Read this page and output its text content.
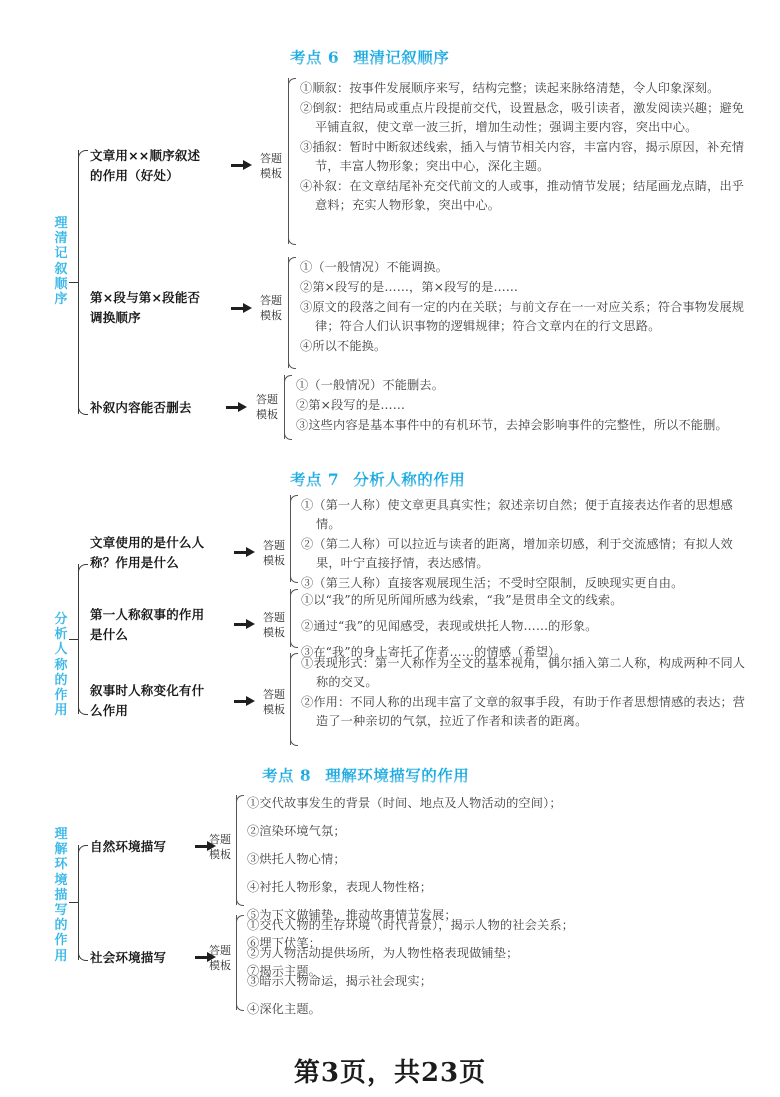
考点 6 理清记叙顺序
理
清
记
叙
顺
序
文章用××顺序叙述
的作用（好处）
答题
模板
①顺叙：按事件发展顺序来写，结构完整；读起来脉络清楚，令人印象深刻。
②倒叙：把结局或重点片段提前交代，设置悬念，吸引读者，激发阅读兴趣；避免平铺直叙，使文章一波三折，增加生动性；强调主要内容，突出中心。
③插叙：暂时中断叙述线索，插入与情节相关内容，丰富内容，揭示原因，补充情节，丰富人物形象；突出中心，深化主题。
④补叙：在文章结尾补充交代前文的人或事，推动情节发展；结尾画龙点睛，出乎意料；充实人物形象，突出中心。
第×段与第×段能否
调换顺序
答题
模板
①（一般情况）不能调换。
②第×段写的是……，第×段写的是……
③原文的段落之间有一定的内在关联；与前文存在一一对应关系；符合事物发展规律；符合人们认识事物的逻辑规律；符合文章内在的行文思路。
④所以不能换。
补叙内容能否删去
答题
模板
①（一般情况）不能删去。
②第×段写的是……
③这些内容是基本事件中的有机环节，去掉会影响事件的完整性，所以不能删。
考点 7 分析人称的作用
分
析
人
称
的
作
用
文章使用的是什么人
称？作用是什么
答题
模板
①（第一人称）使文章更具真实性；叙述亲切自然；便于直接表达作者的思想感情。
②（第二人称）可以拉近与读者的距离，增加亲切感，利于交流感情；有拟人效果，叶宁直接抒情，表达感情。
③（第三人称）直接客观展现生活；不受时空限制，反映现实更自由。
第一人称叙事的作用
是什么
答题
模板
①以“我”的所见所闻所感为线索，“我”是贯串全文的线索。
②通过“我”的见闻感受，表现或烘托人物……的形象。
③在“我”的身上寄托了作者……的情感（希望）。
叙事时人称变化有什
么作用
答题
模板
①表现形式：第一人称作为全文的基本视角，偶尔插入第二人称，构成两种不同人称的交叉。
②作用：不同人称的出现丰富了文章的叙事手段，有助于作者思想情感的表达；营造了一种亲切的气氛，拉近了作者和读者的距离。
考点 8 理解环境描写的作用
理
解
环
境
描
写
的
作
用
自然环境描写	答题
模板
①交代故事发生的背景（时间、地点及人物活动的空间）；
②渲染环境气氛；
③烘托人物心情；
④衬托人物形象，表现人物性格；
⑤为下文做铺垫，推动故事情节发展；
⑥埋下伏笔；
⑦揭示主题。
社会环境描写	答题
模板
①交代人物的生存环境（时代背景），揭示人物的社会关系；
②为人物活动提供场所，为人物性格表现做铺垫；
③暗示人物命运，揭示社会现实；
④深化主题。
第3页，共23页
